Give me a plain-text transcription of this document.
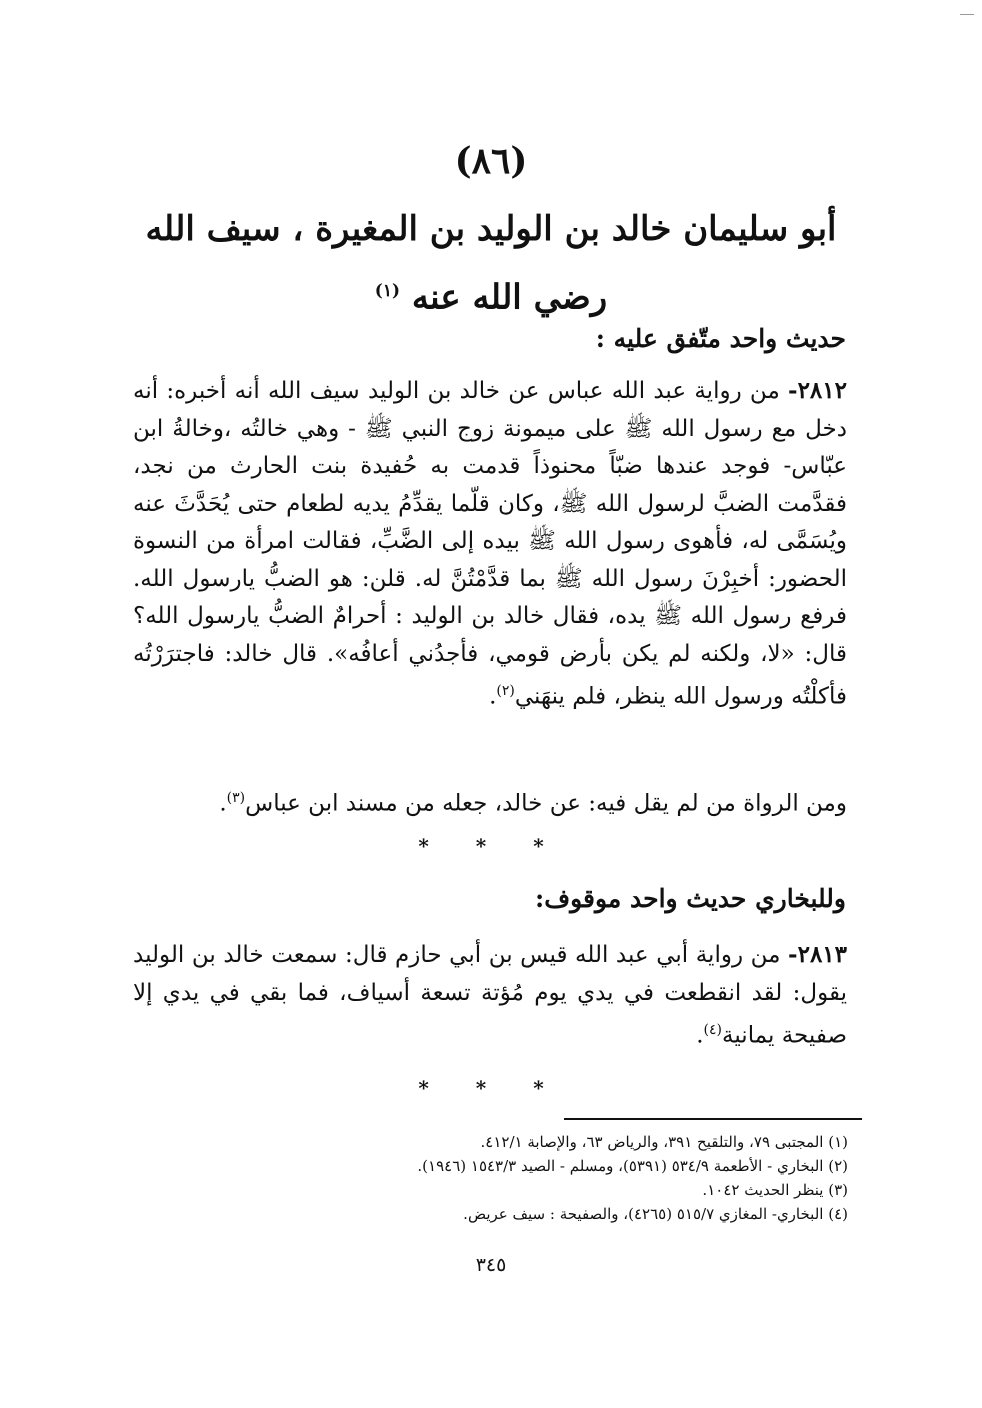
(٨٦)
أبو سليمان خالد بن الوليد بن المغيرة ، سيف الله
رضي الله عنه $^{(١)}$
حديث واحد متّفق عليه :
٢٨١٢- من رواية عبد الله عباس عن خالد بن الوليد سيف الله أنه أخبره: أنه دخل مع رسول الله ﷺ على ميمونة زوج النبي ﷺ - وهي خالتُه ،وخالةُ ابن عبّاس- فوجد عندها ضبّاً محنوذاً قدمت به حُفيدة بنت الحارث من نجد، فقدَّمت الضبَّ لرسول الله ﷺ، وكان قلّما يقدِّمُ يديه لطعام حتى يُحَدَّثَ عنه ويُسَمَّى له، فأهوى رسول الله ﷺ بيده إلى الضَّبِّ، فقالت امرأة من النسوة الحضور: أخبِرْنَ رسول الله ﷺ بما قدَّمْتُنَّ له. قلن: هو الضبُّ يارسول الله. فرفع رسول الله ﷺ يده، فقال خالد بن الوليد : أحرامٌ الضبُّ يارسول الله؟ قال: «لا، ولكنه لم يكن بأرض قومي، فأجدُني أعافُه». قال خالد: فاجترَرْتُه فأكلْتُه ورسول الله ينظر، فلم ينهَني$^{(٢)}$.
ومن الرواة من لم يقل فيه: عن خالد، جعله من مسند ابن عباس$^{(٣)}$.
* * *
وللبخاري حديث واحد موقوف:
٢٨١٣- من رواية أبي عبد الله قيس بن أبي حازم قال: سمعت خالد بن الوليد يقول: لقد انقطعت في يدي يوم مُؤتة تسعة أسياف، فما بقي في يدي إلا صفيحة يمانية$^{(٤)}$.
* * *
(١) المجتبى ٧٩، والتلقيح ٣٩١، والرياض ٦٣، والإصابة ٤١٢/١.
(٢) البخاري - الأطعمة ٥٣٤/٩ (٥٣٩١)، ومسلم - الصيد ١٥٤٣/٣ (١٩٤٦).
(٣) ينظر الحديث ١٠٤٢.
(٤) البخاري- المغازي ٥١٥/٧ (٤٢٦٥)، والصفيحة : سيف عريض.
٣٤٥
